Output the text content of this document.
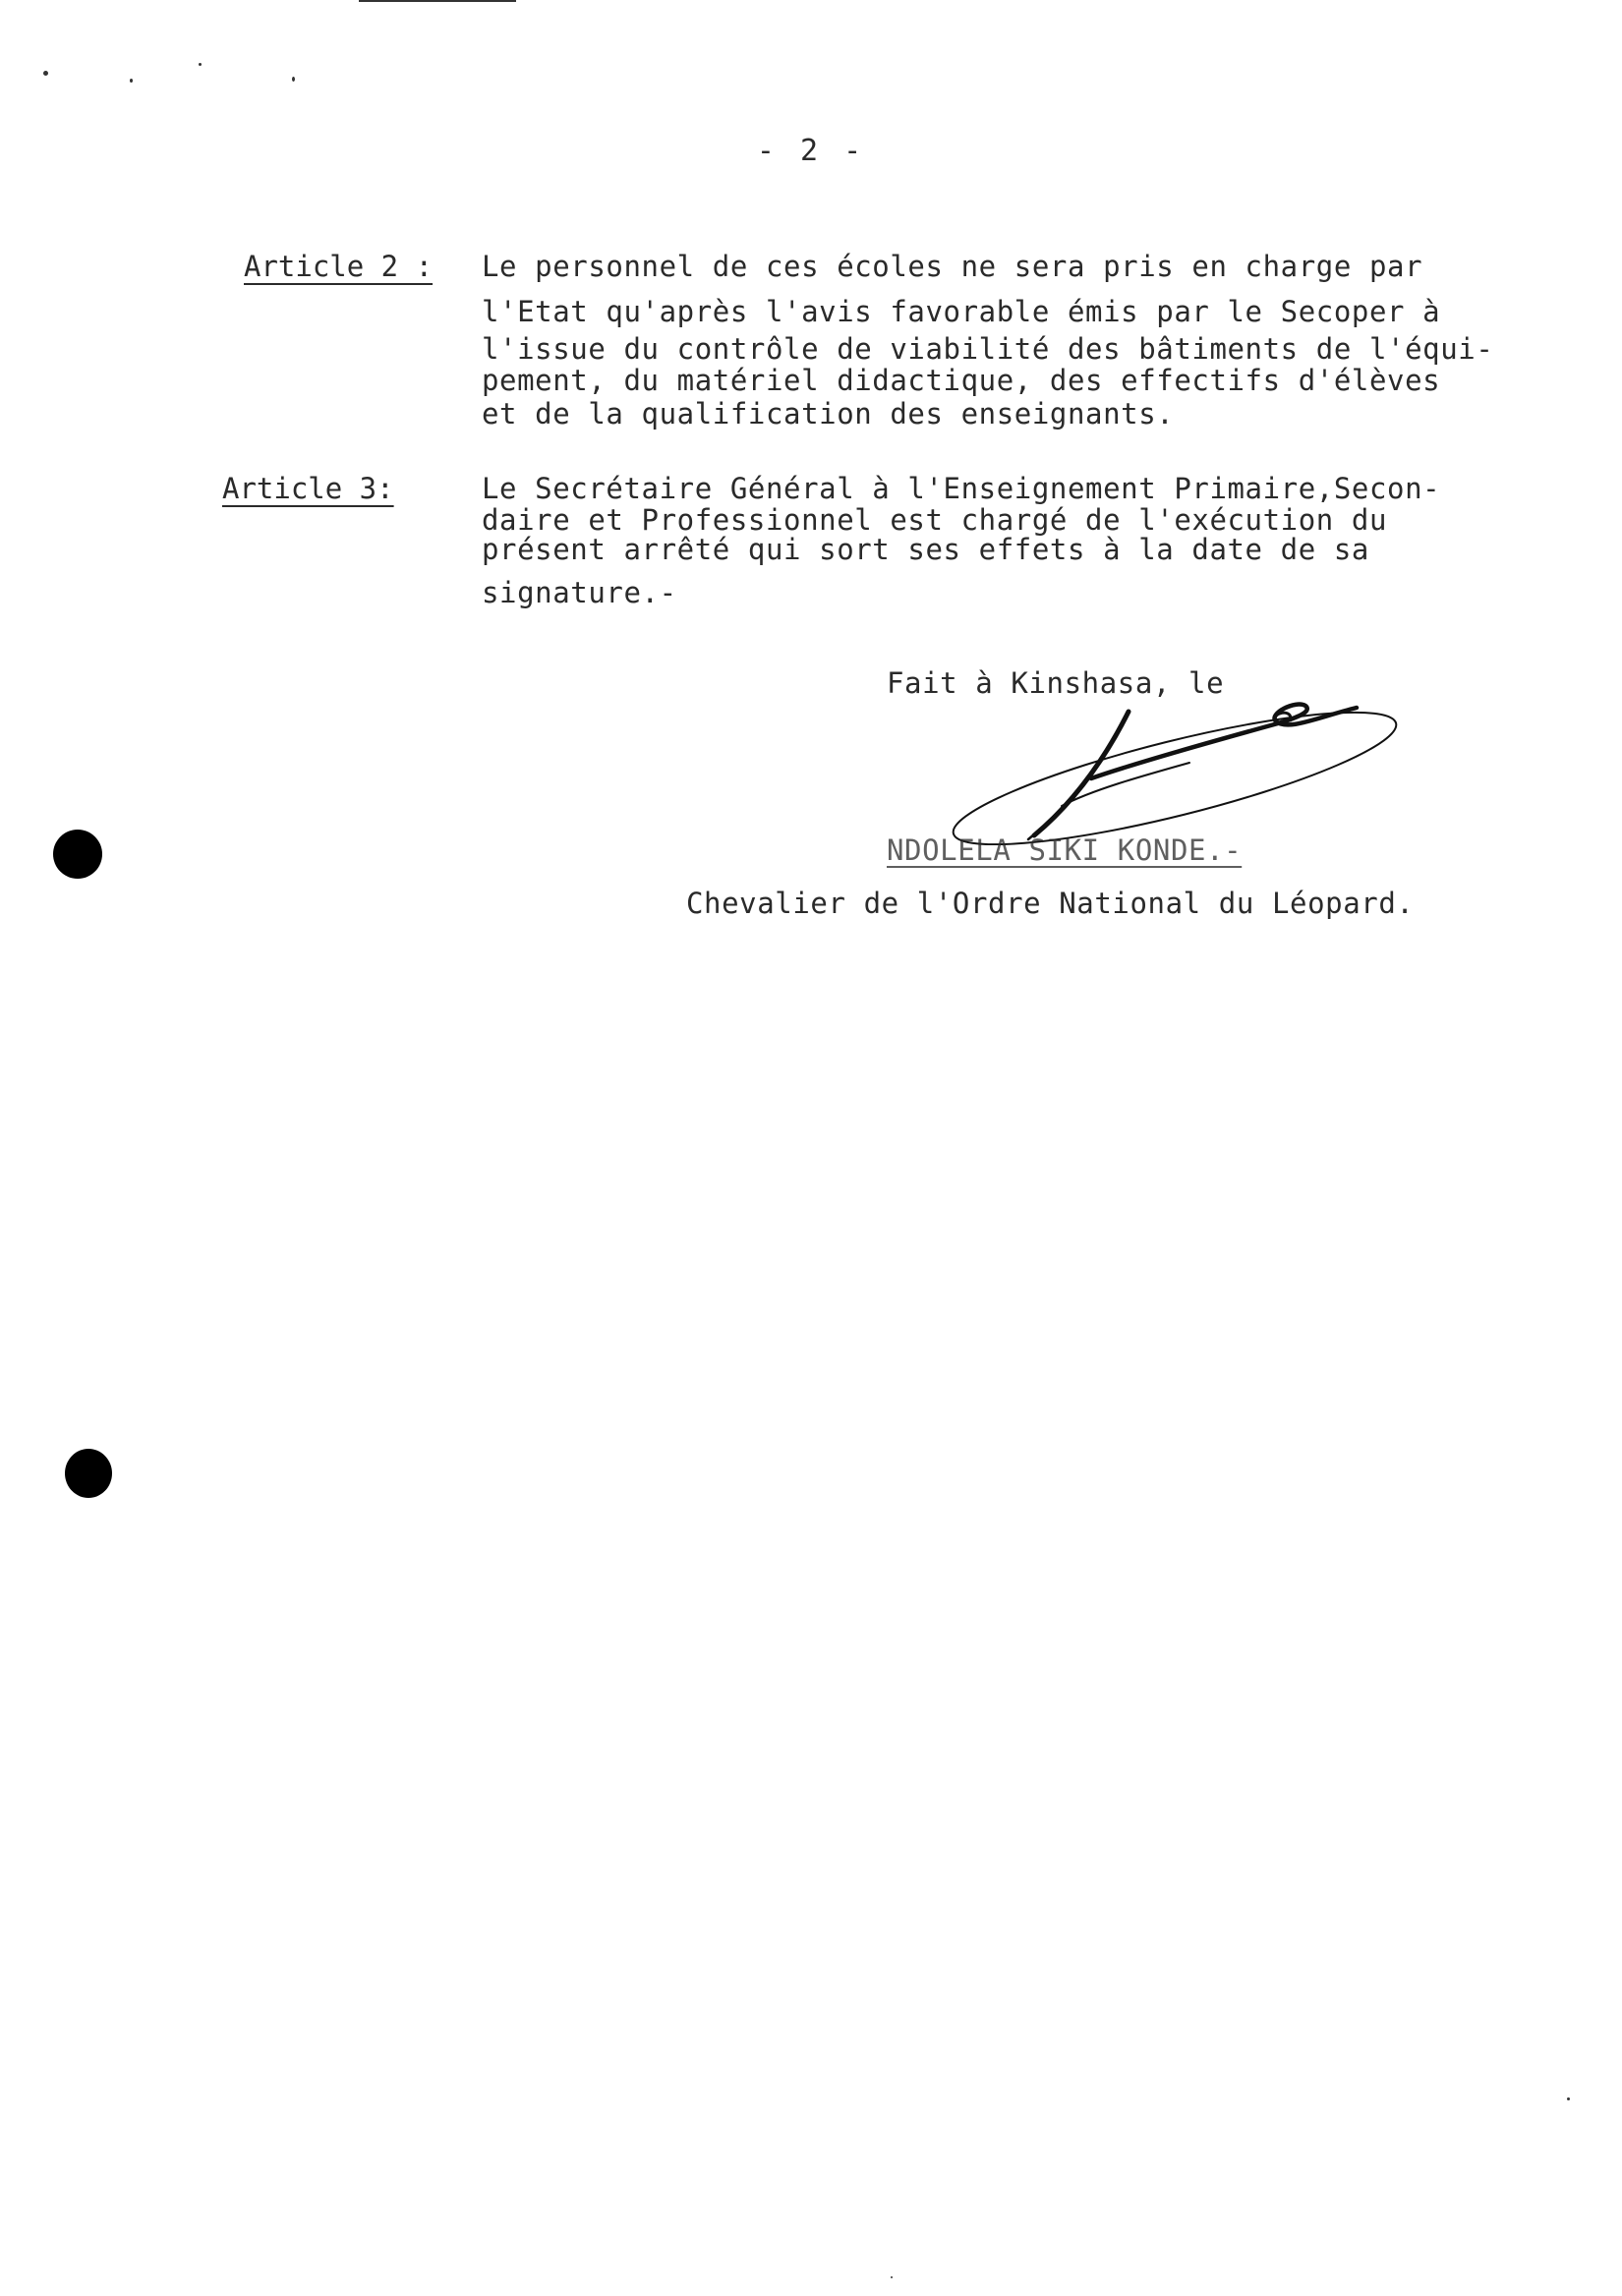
- 2 -
Article 2 : Le personnel de ces écoles ne sera pris en charge par
l'Etat qu'après l'avis favorable émis par le Secoper à
l'issue du contrôle de viabilité des bâtiments de l'équi-
pement, du matériel didactique, des effectifs d'élèves
et de la qualification des enseignants.
Article 3:	Le Secrétaire Général à l'Enseignement Primaire,Secon-
daire et Professionnel est chargé de l'exécution du
présent arrêté qui sort ses effets à la date de sa
signature.-
Fait à Kinshasa, le
NDOLELA SIKI KONDE.-
Chevalier de l'Ordre National du Léopard.
